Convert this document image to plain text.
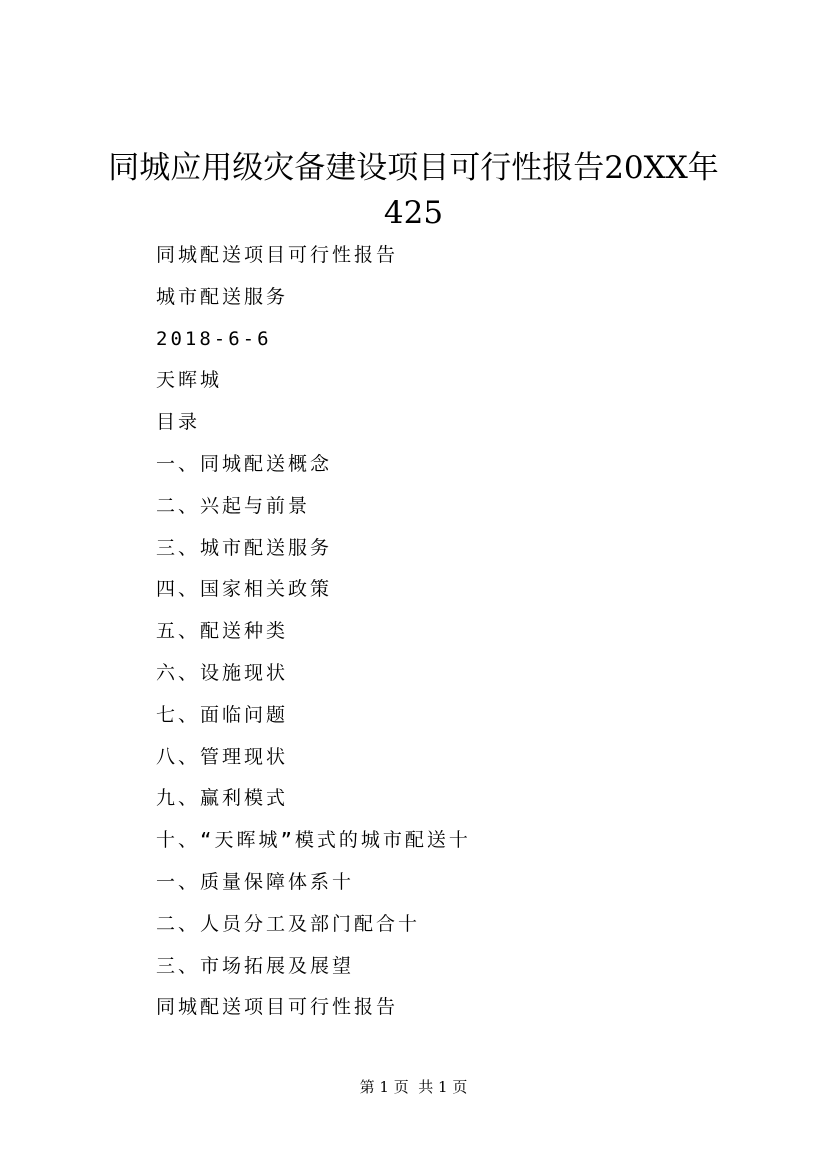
同城应用级灾备建设项目可行性报告20XX年
425
同城配送项目可行性报告
城市配送服务
2018-6-6
天晖城
目录
一、同城配送概念
二、兴起与前景
三、城市配送服务
四、国家相关政策
五、配送种类
六、设施现状
七、面临问题
八、管理现状
九、赢利模式
十、“天晖城”模式的城市配送十
一、质量保障体系十
二、人员分工及部门配合十
三、市场拓展及展望
同城配送项目可行性报告
第 1 页  共 1 页
